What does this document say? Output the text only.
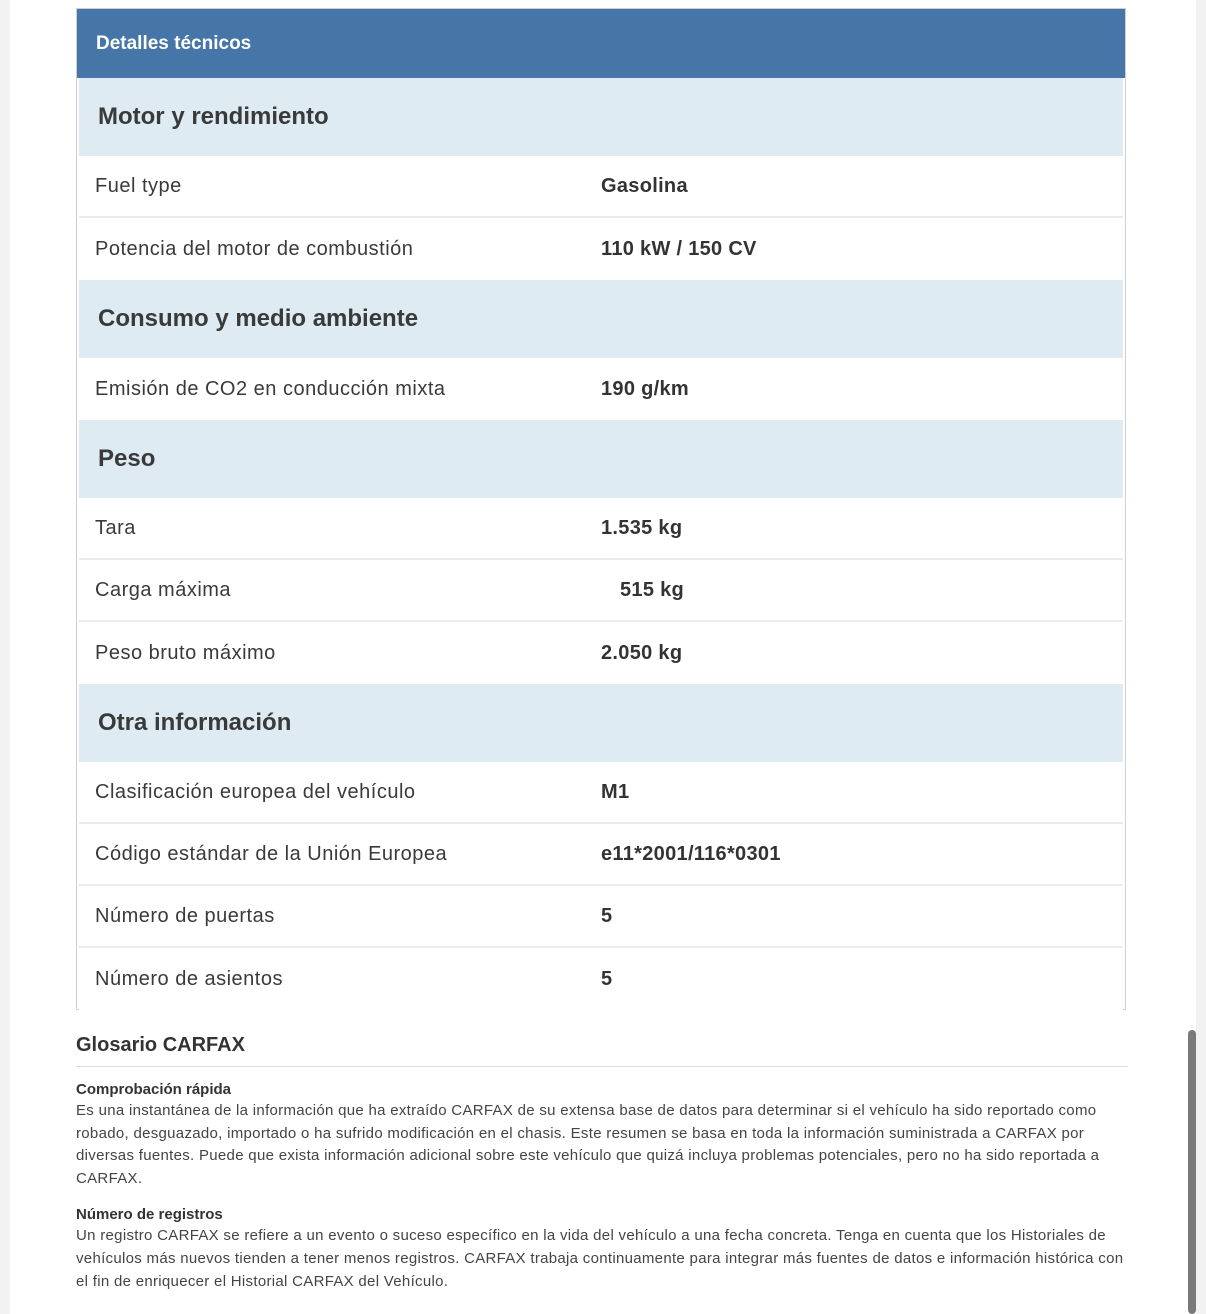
Detalles técnicos
Motor y rendimiento
Fuel type	Gasolina
Potencia del motor de combustión	110 kW / 150 CV
Consumo y medio ambiente
Emisión de CO2 en conducción mixta	190 g/km
Peso
Tara	1.535 kg
Carga máxima	515 kg
Peso bruto máximo	2.050 kg
Otra información
Clasificación europea del vehículo	M1
Código estándar de la Unión Europea	e11*2001/116*0301
Número de puertas	5
Número de asientos	5
Glosario CARFAX
Comprobación rápida

Es una instantánea de la información que ha extraído CARFAX de su extensa base de datos para determinar si el vehículo ha sido reportado como robado, desguazado, importado o ha sufrido modificación en el chasis. Este resumen se basa en toda la información suministrada a CARFAX por diversas fuentes. Puede que exista información adicional sobre este vehículo que quizá incluya problemas potenciales, pero no ha sido reportada a CARFAX.

Número de registros

Un registro CARFAX se refiere a un evento o suceso específico en la vida del vehículo a una fecha concreta. Tenga en cuenta que los Historiales de vehículos más nuevos tienden a tener menos registros. CARFAX trabaja continuamente para integrar más fuentes de datos e información histórica con el fin de enriquecer el Historial CARFAX del Vehículo.
